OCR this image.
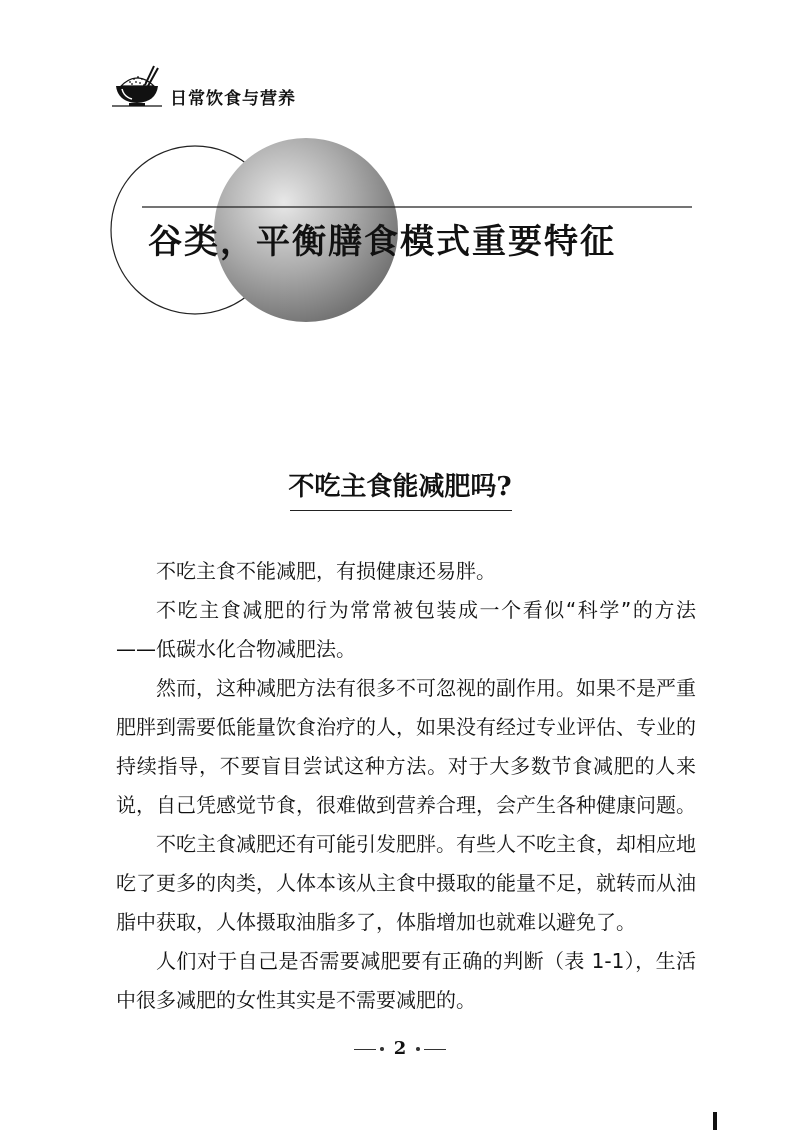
日常饮食与营养
谷类，平衡膳食模式重要特征
不吃主食能减肥吗?

不吃主食不能减肥，有损健康还易胖。

不吃主食减肥的行为常常被包装成一个看似“科学”的方法——低碳水化合物减肥法。

然而，这种减肥方法有很多不可忽视的副作用。如果不是严重肥胖到需要低能量饮食治疗的人，如果没有经过专业评估、专业的持续指导，不要盲目尝试这种方法。对于大多数节食减肥的人来说，自己凭感觉节食，很难做到营养合理，会产生各种健康问题。

不吃主食减肥还有可能引发肥胖。有些人不吃主食，却相应地吃了更多的肉类，人体本该从主食中摄取的能量不足，就转而从油脂中获取，人体摄取油脂多了，体脂增加也就难以避免了。

人们对于自己是否需要减肥要有正确的判断（表 1-1），生活中很多减肥的女性其实是不需要减肥的。

2
